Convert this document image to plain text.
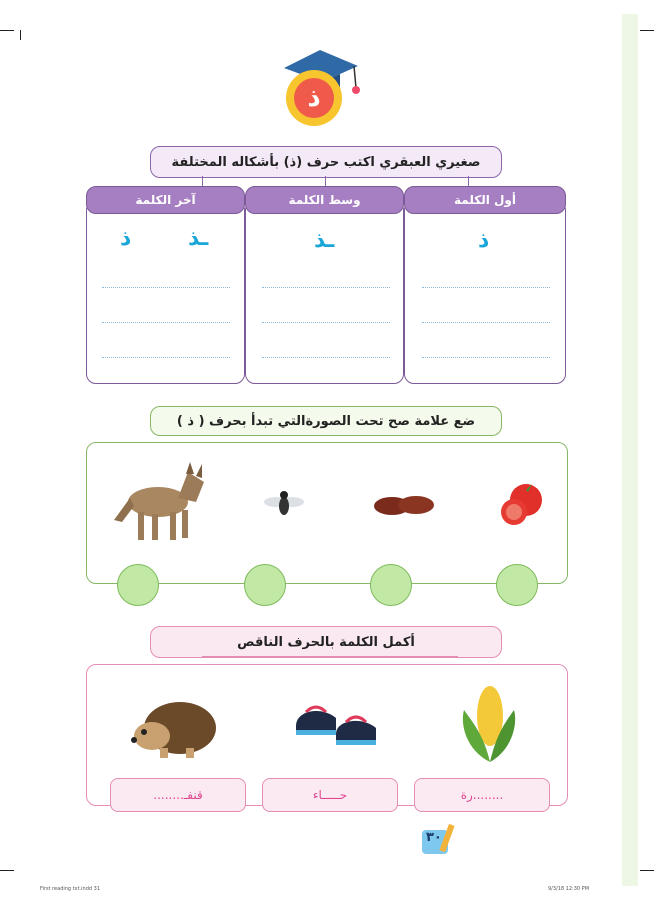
ذ
صغيري العبقري اكتب حرف (ذ) بأشكاله المختلفة
أول الكلمة
ذ
وسط الكلمة
ـذ
آخر الكلمة
ـذ
ذ
ضع علامة صح تحت الصورةالتي تبدأ بحرف ( ذ )
أكمل الكلمة بالحرف الناقص
........رة
حـــــاء
قنفـ........
٣٠
First reading txt.indd 31	9/3/18 12:30 PM
